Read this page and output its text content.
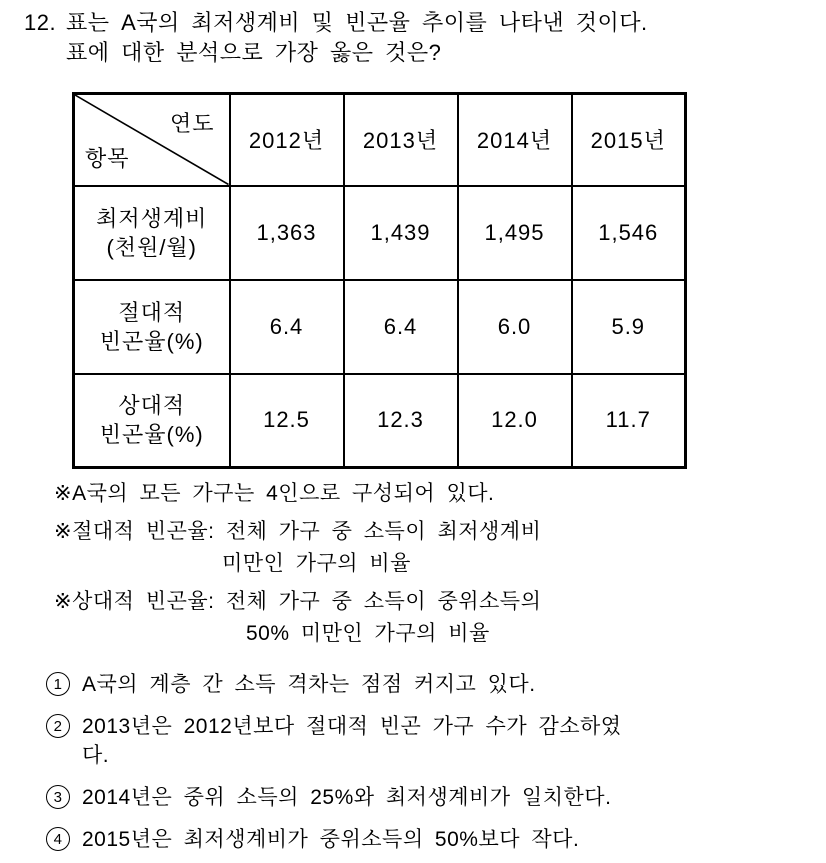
12. 표는 A국의 최저생계비 및 빈곤율 추이를 나타낸 것이다.
표에 대한 분석으로 가장 옳은 것은?
연도
항목	2012년	2013년	2014년	2015년

최저생계비
(천원/월)	1,363	1,439	1,495	1,546

절대적
빈곤율(%)	6.4	6.4	6.0	5.9

상대적
빈곤율(%)	12.5	12.3	12.0	11.7
※ A국의 모든 가구는 4인으로 구성되어 있다.
※ 절대적 빈곤율: 전체 가구 중 소득이 최저생계비
미만인 가구의 비율
※ 상대적 빈곤율: 전체 가구 중 소득이 중위소득의
50% 미만인 가구의 비율
1 A국의 계층 간 소득 격차는 점점 커지고 있다.
2 2013년은 2012년보다 절대적 빈곤 가구 수가 감소하였
다.
3 2014년은 중위 소득의 25%와 최저생계비가 일치한다.
4 2015년은 최저생계비가 중위소득의 50%보다 작다.
